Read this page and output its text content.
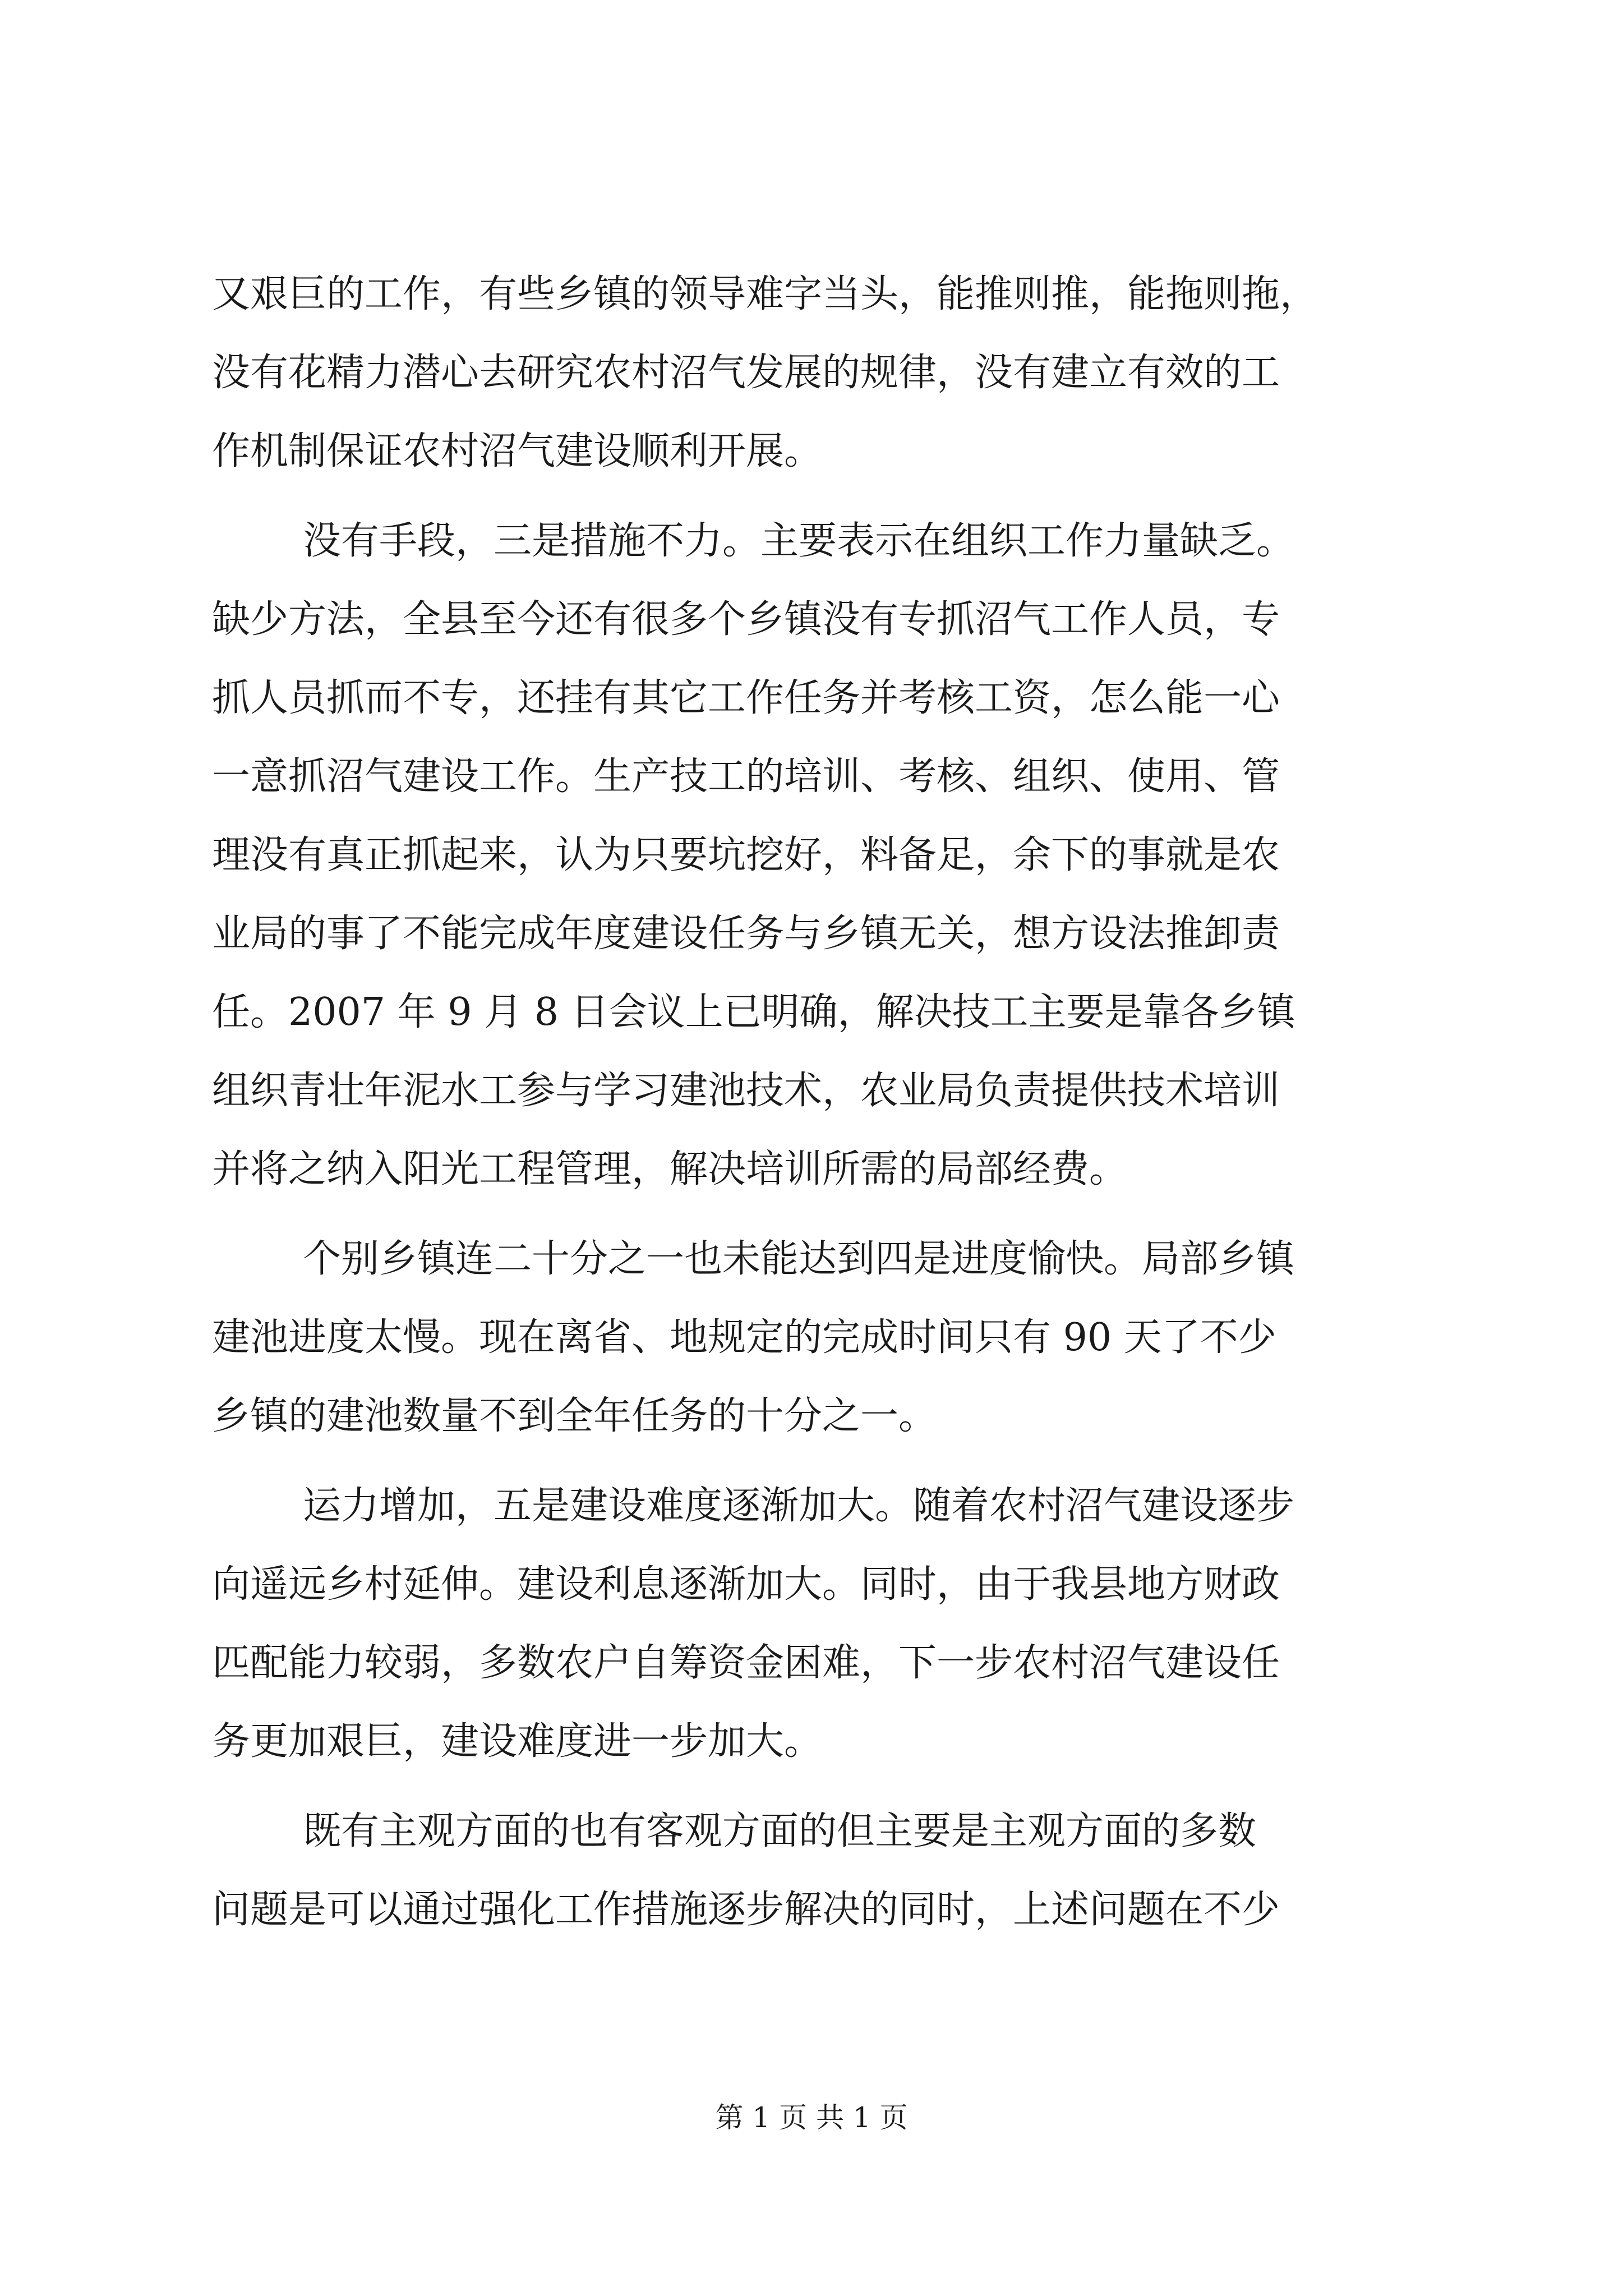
又艰巨的工作，有些乡镇的领导难字当头，能推则推，能拖则拖，
没有花精力潜心去研究农村沼气发展的规律，没有建立有效的工
作机制保证农村沼气建设顺利开展。
没有手段，三是措施不力。主要表示在组织工作力量缺乏。
缺少方法，全县至今还有很多个乡镇没有专抓沼气工作人员，专
抓人员抓而不专，还挂有其它工作任务并考核工资，怎么能一心
一意抓沼气建设工作。生产技工的培训、考核、组织、使用、管
理没有真正抓起来，认为只要坑挖好，料备足，余下的事就是农
业局的事了不能完成年度建设任务与乡镇无关，想方设法推卸责
任。2007 年 9 月 8 日会议上已明确，解决技工主要是靠各乡镇
组织青壮年泥水工参与学习建池技术，农业局负责提供技术培训
并将之纳入阳光工程管理，解决培训所需的局部经费。
个别乡镇连二十分之一也未能达到四是进度愉快。局部乡镇
建池进度太慢。现在离省、地规定的完成时间只有 90 天了不少
乡镇的建池数量不到全年任务的十分之一。
运力增加，五是建设难度逐渐加大。随着农村沼气建设逐步
向遥远乡村延伸。建设利息逐渐加大。同时，由于我县地方财政
匹配能力较弱，多数农户自筹资金困难，下一步农村沼气建设任
务更加艰巨，建设难度进一步加大。
既有主观方面的也有客观方面的但主要是主观方面的多数
问题是可以通过强化工作措施逐步解决的同时，上述问题在不少
第 1 页 共 1 页
